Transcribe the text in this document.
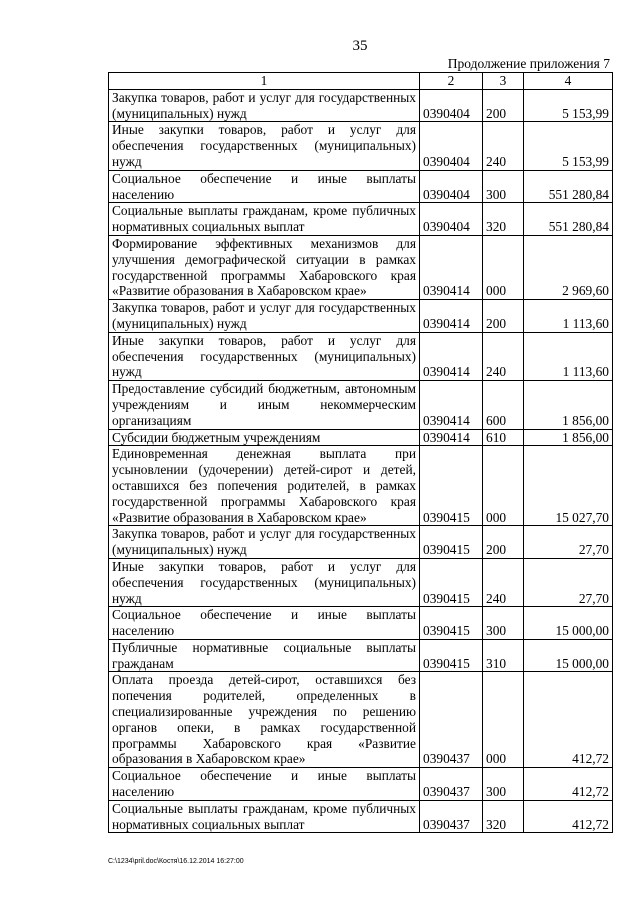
35
Продолжение приложения 7
1	2	3	4
Закупка товаров, работ и услуг для государственных (муниципальных) нужд	0390404	200	5 153,99
Иные закупки товаров, работ и услуг для обеспечения государственных (муниципальных) нужд	0390404	240	5 153,99
Социальное обеспечение и иные выплаты населению	0390404	300	551 280,84
Социальные выплаты гражданам, кроме публичных нормативных социальных выплат	0390404	320	551 280,84
Формирование эффективных механизмов для улучшения демографической ситуации в рамках государственной программы Хабаровского края «Развитие образования в Хабаровском крае»	0390414	000	2 969,60
Закупка товаров, работ и услуг для государственных (муниципальных) нужд	0390414	200	1 113,60
Иные закупки товаров, работ и услуг для обеспечения государственных (муниципальных) нужд	0390414	240	1 113,60
Предоставление субсидий бюджетным, автономным учреждениям и иным некоммерческим организациям	0390414	600	1 856,00
Субсидии бюджетным учреждениям	0390414	610	1 856,00
Единовременная денежная выплата при усыновлении (удочерении) детей-сирот и детей, оставшихся без попечения родителей, в рамках государственной программы Хабаровского края «Развитие образования в Хабаровском крае»	0390415	000	15 027,70
Закупка товаров, работ и услуг для государственных (муниципальных) нужд	0390415	200	27,70
Иные закупки товаров, работ и услуг для обеспечения государственных (муниципальных) нужд	0390415	240	27,70
Социальное обеспечение и иные выплаты населению	0390415	300	15 000,00
Публичные нормативные социальные выплаты гражданам	0390415	310	15 000,00
Оплата проезда детей-сирот, оставшихся без попечения родителей, определенных в специализированные учреждения по решению органов опеки, в рамках государственной программы Хабаровского края «Развитие образования в Хабаровском крае»	0390437	000	412,72
Социальное обеспечение и иные выплаты населению	0390437	300	412,72
Социальные выплаты гражданам, кроме публичных нормативных социальных выплат	0390437	320	412,72
C:\1234\pril.doc\Костя\16.12.2014 16:27:00
